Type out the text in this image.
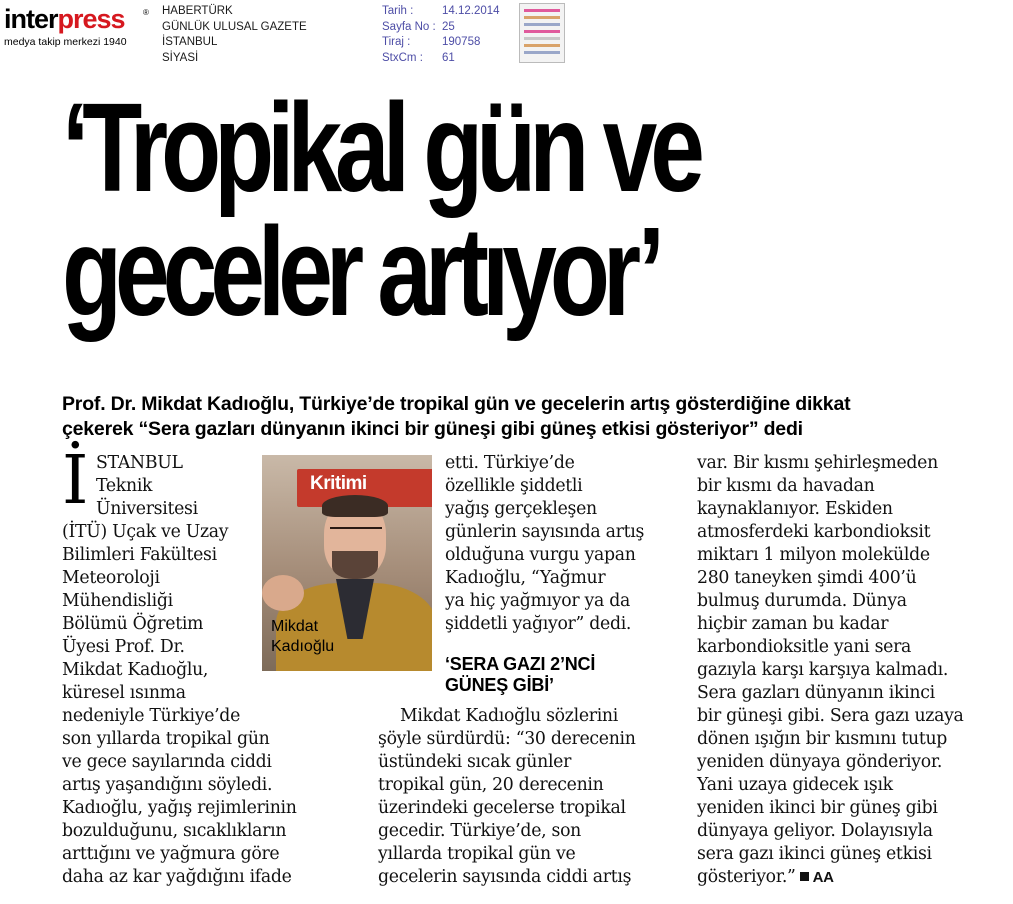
interpress	®
medya takip merkezi 1940
HABERTÜRK
GÜNLÜK ULUSAL GAZETE
İSTANBUL
SİYASİ
Tarih : 14.12.2014
Sayfa No : 25
Tiraj :	190758
StxCm : 61
‘Tropikal gün ve
geceler artıyor’
Prof. Dr. Mikdat Kadıoğlu, Türkiye’de tropikal gün ve gecelerin artış gösterdiğine dikkat
çekerek “Sera gazları dünyanın ikinci bir güneşi gibi güneş etkisi gösteriyor” dedi
İ STANBUL
Teknik
Üniversitesi
(İTÜ) Uçak ve Uzay
Bilimleri Fakültesi
Meteoroloji
Mühendisliği
Bölümü Öğretim
Üyesi Prof. Dr.
Mikdat Kadıoğlu,
küresel ısınma
nedeniyle Türkiye’de
son yıllarda tropikal gün
ve gece sayılarında ciddi
artış yaşandığını söyledi.
Kadıoğlu, yağış rejimlerinin
bozulduğunu, sıcaklıkların
arttığını ve yağmura göre
daha az kar yağdığını ifade
Kritimi
Mikdat
Kadıoğlu
etti. Türkiye’de
özellikle şiddetli
yağış gerçekleşen
günlerin sayısında artış
olduğuna vurgu yapan
Kadıoğlu, “Yağmur
ya hiç yağmıyor ya da
şiddetli yağıyor” dedi.
‘SERA GAZI 2’NCİ
GÜNEŞ GİBİ’
Mikdat Kadıoğlu sözlerini
şöyle sürdürdü: “30 derecenin
üstündeki sıcak günler
tropikal gün, 20 derecenin
üzerindeki gecelerse tropikal
gecedir. Türkiye’de, son
yıllarda tropikal gün ve
gecelerin sayısında ciddi artış
var. Bir kısmı şehirleşmeden
bir kısmı da havadan
kaynaklanıyor. Eskiden
atmosferdeki karbondioksit
miktarı 1 milyon molekülde
280 taneyken şimdi 400’ü
bulmuş durumda. Dünya
hiçbir zaman bu kadar
karbondioksitle yani sera
gazıyla karşı karşıya kalmadı.
Sera gazları dünyanın ikinci
bir güneşi gibi. Sera gazı uzaya
dönen ışığın bir kısmını tutup
yeniden dünyaya gönderiyor.
Yani uzaya gidecek ışık
yeniden ikinci bir güneş gibi
dünyaya geliyor. Dolayısıyla
sera gazı ikinci güneş etkisi
gösteriyor.” AA
